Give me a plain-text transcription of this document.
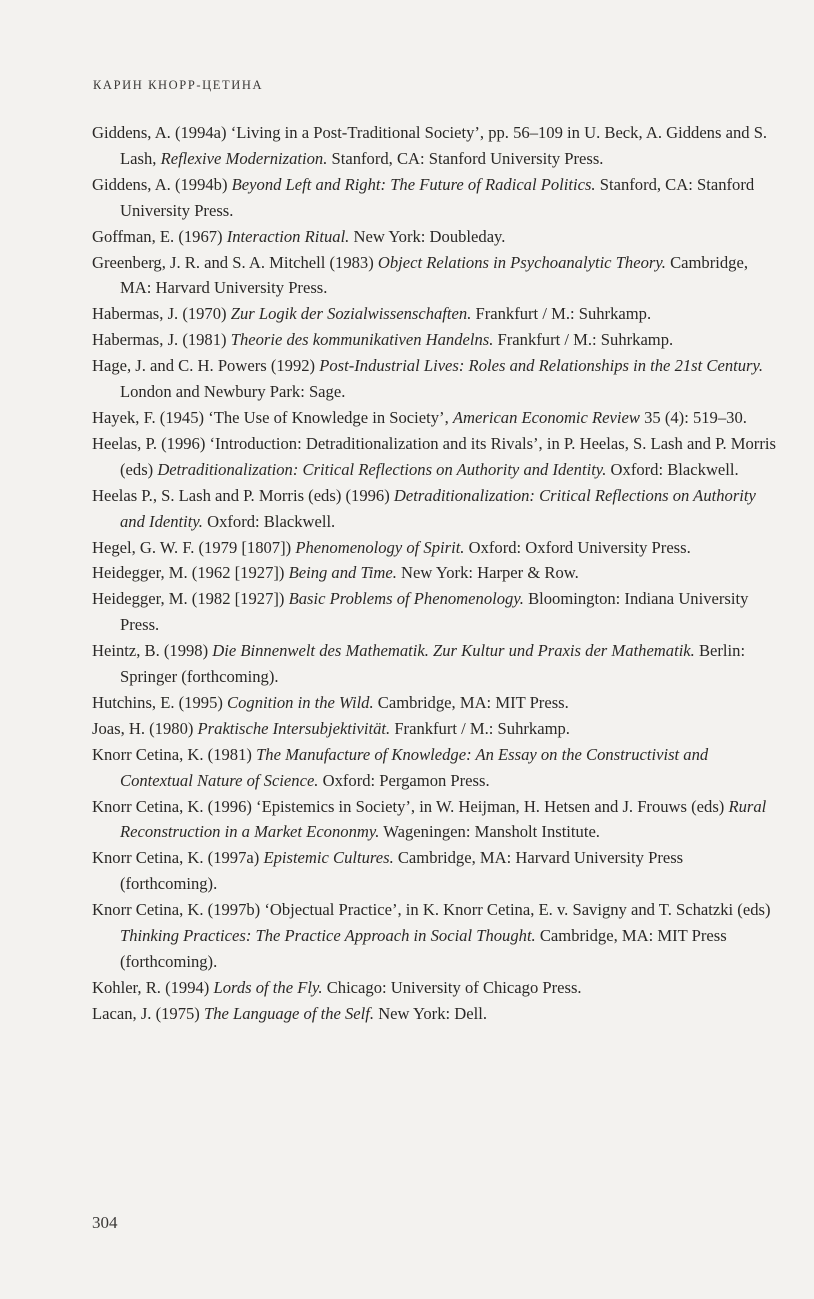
КАРИН КНОРР-ЦЕТИНА

Giddens, A. (1994a) ‘Living in a Post-Traditional Society’, pp. 56–109 in U. Beck, A. Giddens and S. Lash, Reflexive Modernization. Stanford, CA: Stanford University Press.

Giddens, A. (1994b) Beyond Left and Right: The Future of Radical Politics. Stanford, CA: Stanford University Press.

Goffman, E. (1967) Interaction Ritual. New York: Doubleday.

Greenberg, J. R. and S. A. Mitchell (1983) Object Relations in Psychoanalytic Theory. Cambridge, MA: Harvard University Press.

Habermas, J. (1970) Zur Logik der Sozialwissenschaften. Frankfurt / M.: Suhrkamp.

Habermas, J. (1981) Theorie des kommunikativen Handelns. Frankfurt / M.: Suhrkamp.

Hage, J. and C. H. Powers (1992) Post-Industrial Lives: Roles and Relationships in the 21st Century. London and Newbury Park: Sage.

Hayek, F. (1945) ‘The Use of Knowledge in Society’, American Economic Review 35 (4): 519–30.

Heelas, P. (1996) ‘Introduction: Detraditionalization and its Rivals’, in P. Heelas, S. Lash and P. Morris (eds) Detraditionalization: Critical Reflections on Authority and Identity. Oxford: Blackwell.

Heelas P., S. Lash and P. Morris (eds) (1996) Detraditionalization: Critical Reflections on Authority and Identity. Oxford: Blackwell.

Hegel, G. W. F. (1979 [1807]) Phenomenology of Spirit. Oxford: Oxford University Press.

Heidegger, M. (1962 [1927]) Being and Time. New York: Harper & Row.

Heidegger, M. (1982 [1927]) Basic Problems of Phenomenology. Bloomington: Indiana University Press.

Heintz, B. (1998) Die Binnenwelt des Mathematik. Zur Kultur und Praxis der Mathematik. Berlin: Springer (forthcoming).

Hutchins, E. (1995) Cognition in the Wild. Cambridge, MA: MIT Press.

Joas, H. (1980) Praktische Intersubjektivität. Frankfurt / M.: Suhrkamp.

Knorr Cetina, K. (1981) The Manufacture of Knowledge: An Essay on the Constructivist and Contextual Nature of Science. Oxford: Pergamon Press.

Knorr Cetina, K. (1996) ‘Epistemics in Society’, in W. Heijman, H. Hetsen and J. Frouws (eds) Rural Reconstruction in a Market Econonmy. Wageningen: Mansholt Institute.

Knorr Cetina, K. (1997a) Epistemic Cultures. Cambridge, MA: Harvard University Press (forthcoming).

Knorr Cetina, K. (1997b) ‘Objectual Practice’, in K. Knorr Cetina, E. v. Savigny and T. Schatzki (eds) Thinking Practices: The Practice Approach in Social Thought. Cambridge, MA: MIT Press (forthcoming).

Kohler, R. (1994) Lords of the Fly. Chicago: University of Chicago Press.

Lacan, J. (1975) The Language of the Self. New York: Dell.

304
